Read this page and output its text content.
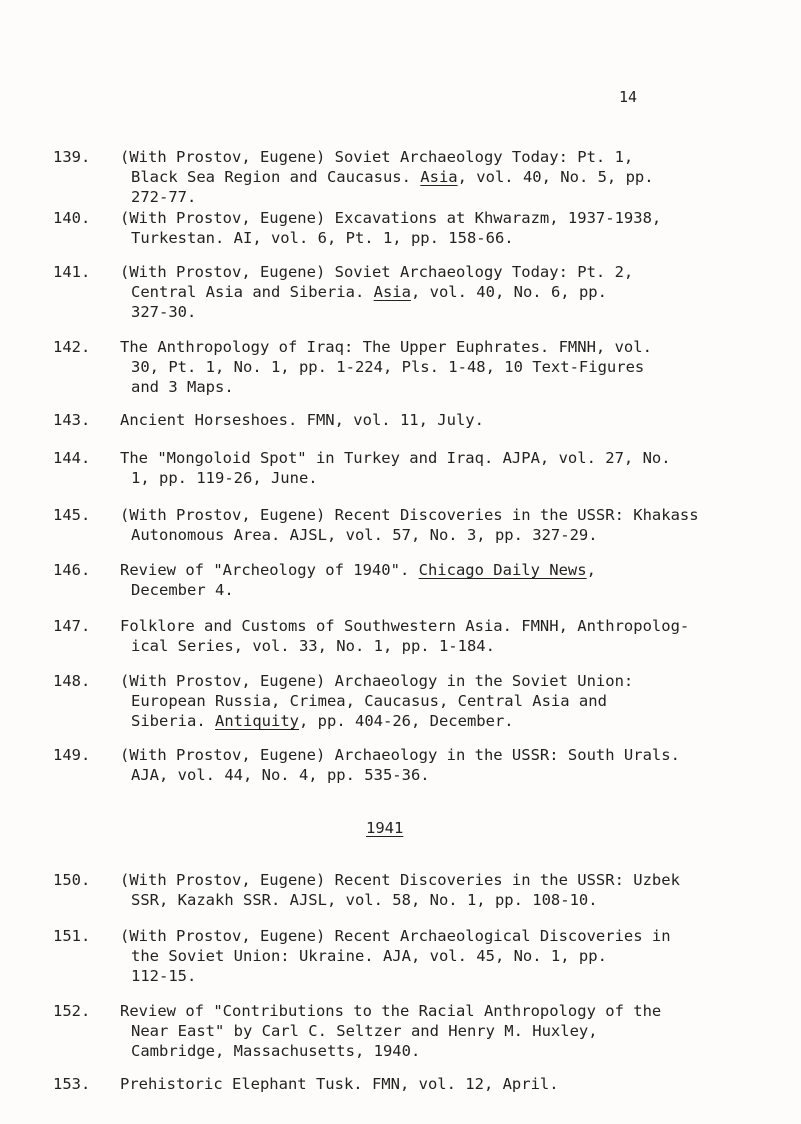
14
139.	(With Prostov, Eugene) Soviet Archaeology Today: Pt. 1,
Black Sea Region and Caucasus. Asia, vol. 40, No. 5, pp.
272-77.
140.	(With Prostov, Eugene) Excavations at Khwarazm, 1937-1938,
Turkestan. AI, vol. 6, Pt. 1, pp. 158-66.
141.	(With Prostov, Eugene) Soviet Archaeology Today: Pt. 2,
Central Asia and Siberia. Asia, vol. 40, No. 6, pp.
327-30.
142.	The Anthropology of Iraq: The Upper Euphrates. FMNH, vol.
30, Pt. 1, No. 1, pp. 1-224, Pls. 1-48, 10 Text-Figures
and 3 Maps.
143.	Ancient Horseshoes. FMN, vol. 11, July.
144.	The "Mongoloid Spot" in Turkey and Iraq. AJPA, vol. 27, No.
1, pp. 119-26, June.
145.	(With Prostov, Eugene) Recent Discoveries in the USSR: Khakass
Autonomous Area. AJSL, vol. 57, No. 3, pp. 327-29.
146.	Review of "Archeology of 1940". Chicago Daily News,
December 4.
147.	Folklore and Customs of Southwestern Asia. FMNH, Anthropolog-
ical Series, vol. 33, No. 1, pp. 1-184.
148.	(With Prostov, Eugene) Archaeology in the Soviet Union:
European Russia, Crimea, Caucasus, Central Asia and
Siberia. Antiquity, pp. 404-26, December.
149.	(With Prostov, Eugene) Archaeology in the USSR: South Urals.
AJA, vol. 44, No. 4, pp. 535-36.
1941
150.	(With Prostov, Eugene) Recent Discoveries in the USSR: Uzbek
SSR, Kazakh SSR. AJSL, vol. 58, No. 1, pp. 108-10.
151.	(With Prostov, Eugene) Recent Archaeological Discoveries in
the Soviet Union: Ukraine. AJA, vol. 45, No. 1, pp.
112-15.
152.	Review of "Contributions to the Racial Anthropology of the
Near East" by Carl C. Seltzer and Henry M. Huxley,
Cambridge, Massachusetts, 1940.
153.	Prehistoric Elephant Tusk. FMN, vol. 12, April.
